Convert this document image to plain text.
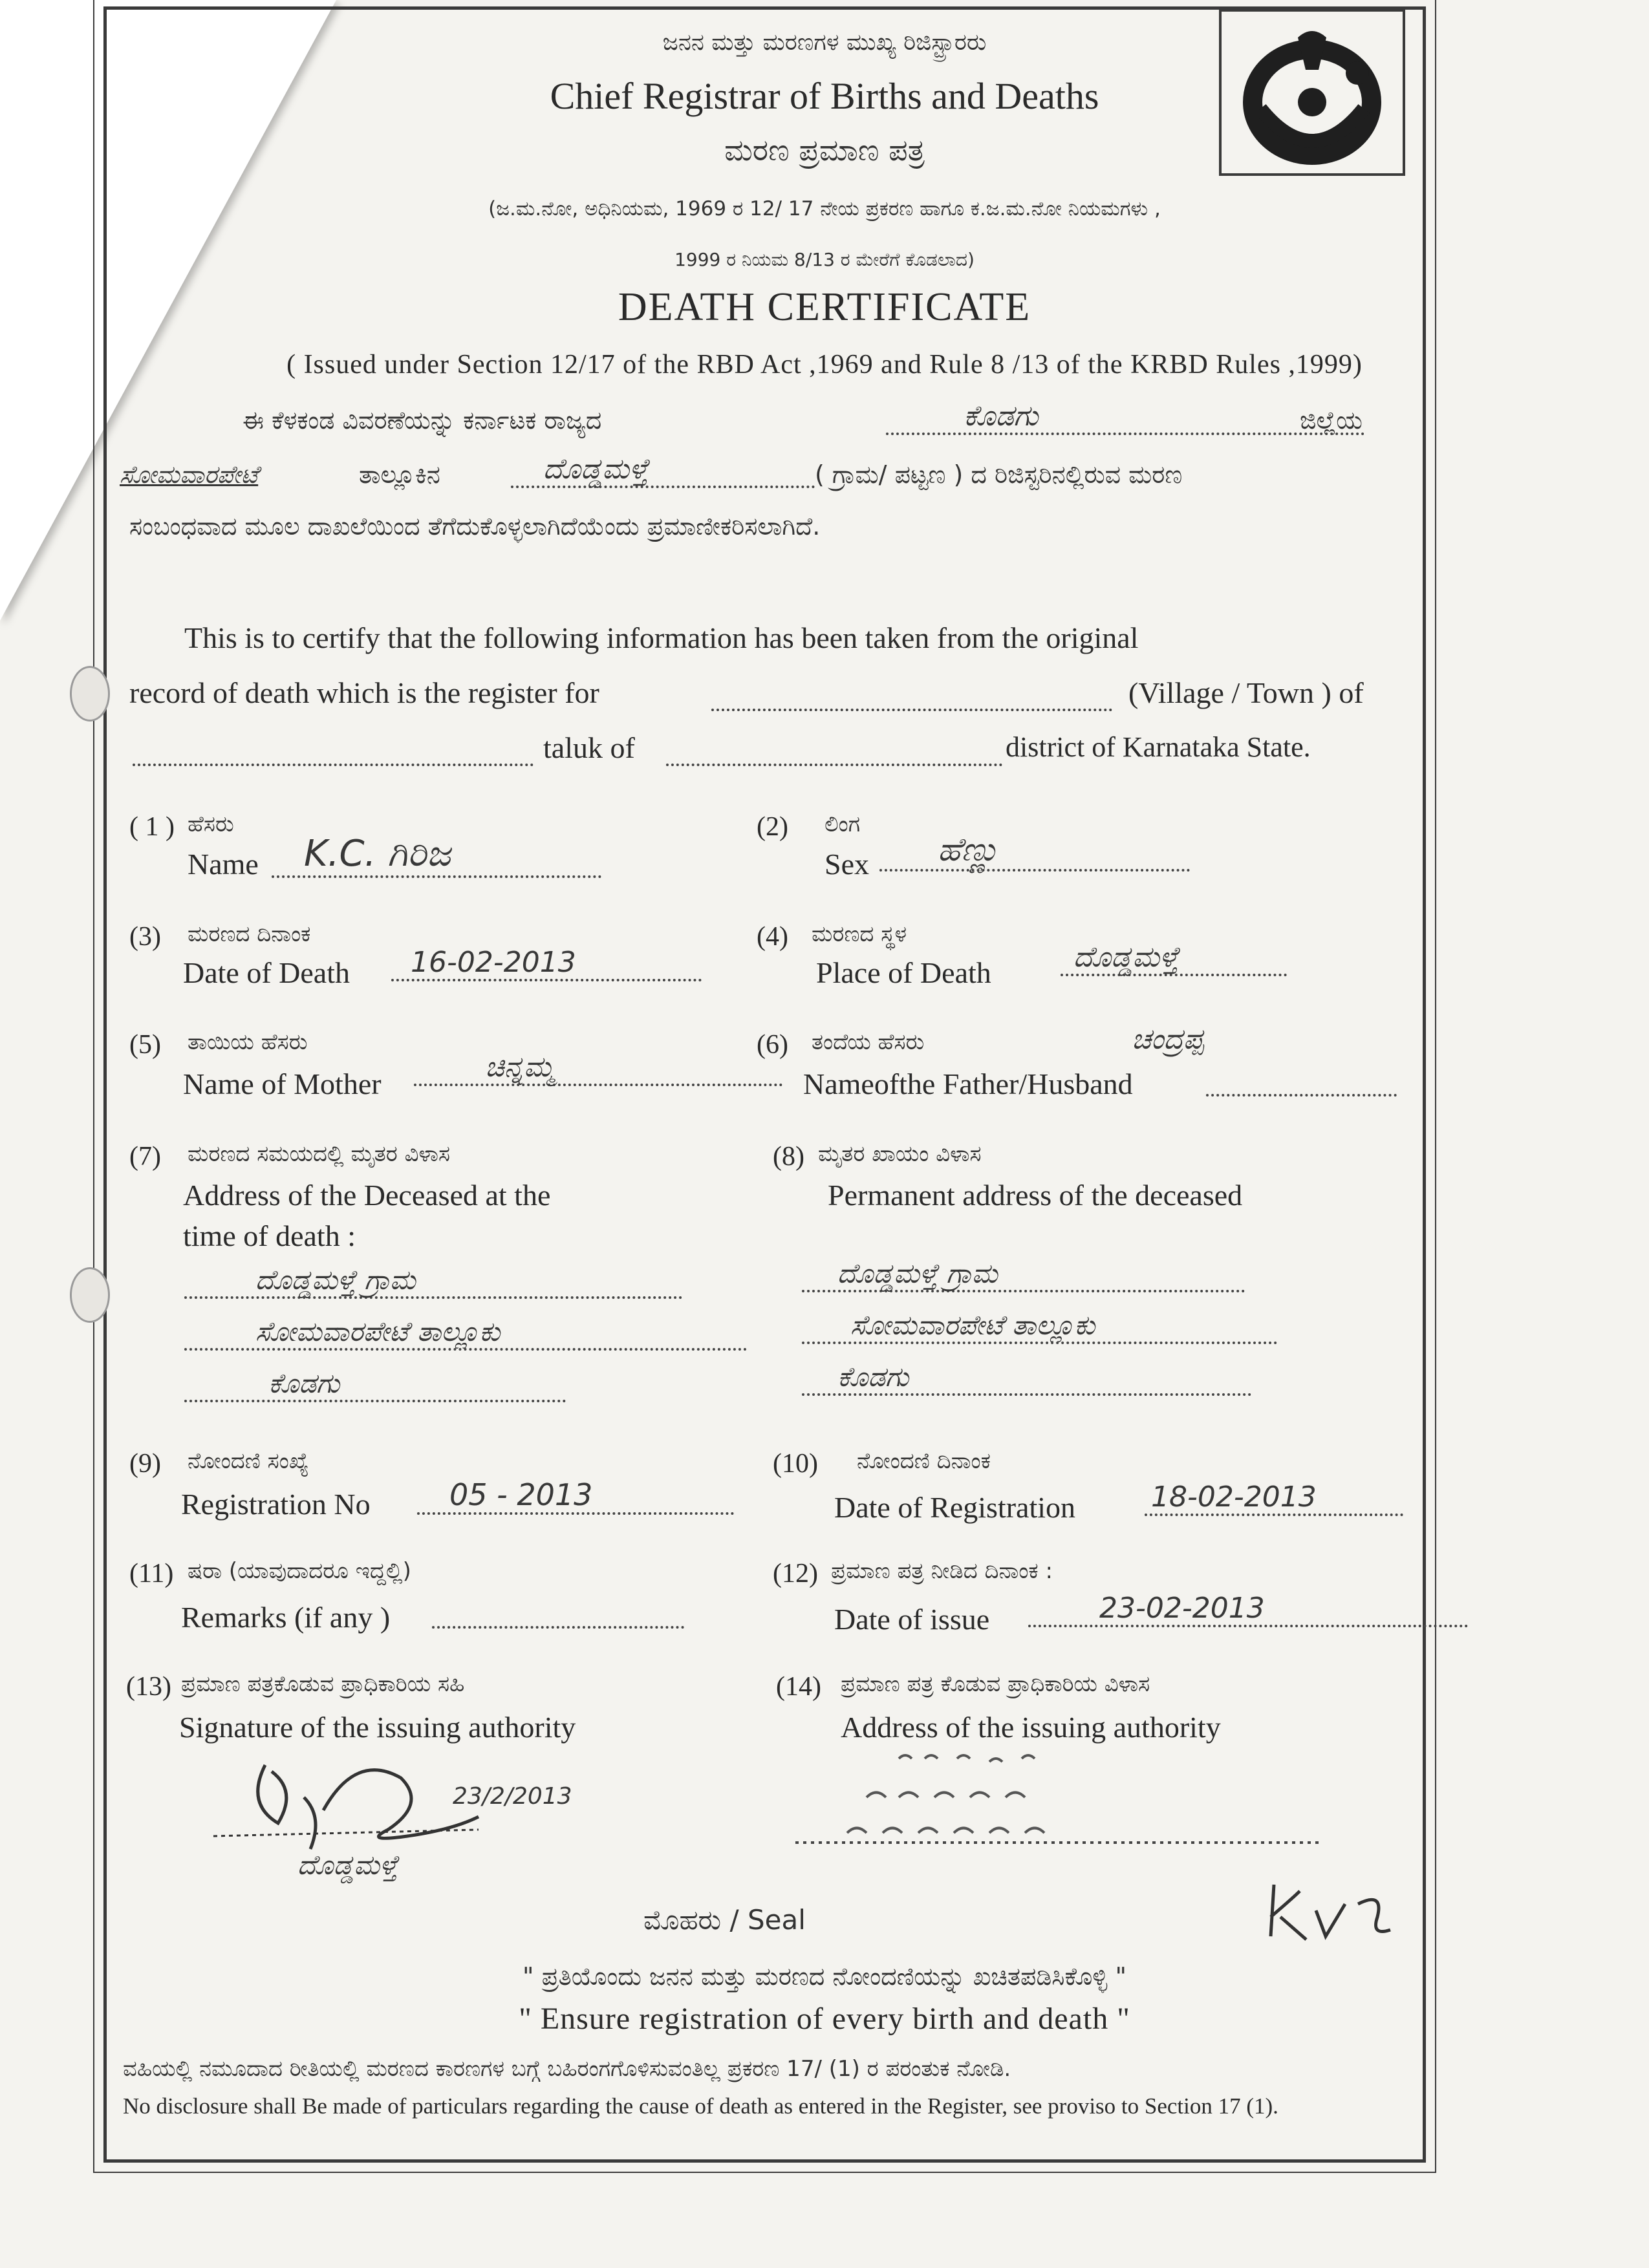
ಜನನ ಮತ್ತು ಮರಣಗಳ ಮುಖ್ಯ ರಿಜಿಸ್ಟ್ರಾರರು
Chief Registrar of Births and Deaths
ಮರಣ ಪ್ರಮಾಣ ಪತ್ರ
(ಜ.ಮ.ನೋ, ಅಧಿನಿಯಮ, 1969 ರ 12/ 17 ನೇಯ ಪ್ರಕರಣ ಹಾಗೂ ಕ.ಜ.ಮ.ನೋ ನಿಯಮಗಳು ,
1999 ರ ನಿಯಮ 8/13 ರ ಮೇರೆಗೆ ಕೊಡಲಾದ)
DEATH CERTIFICATE
( Issued under Section 12/17 of the RBD Act ,1969 and Rule 8 /13 of the KRBD Rules ,1999)
ಈ ಕೆಳಕಂಡ ವಿವರಣೆಯನ್ನು ಕರ್ನಾಟಕ ರಾಜ್ಯದ	ಕೊಡಗು	ಜಿಲ್ಲೆಯ
ಸೋಮವಾರಪೇಟೆ	ತಾಲ್ಲೂಕಿನ	ದೊಡ್ಡಮಳ್ತೆ	( ಗ್ರಾಮ/ ಪಟ್ಟಣ ) ದ ರಿಜಿಸ್ಟರಿನಲ್ಲಿರುವ ಮರಣ
ಸಂಬಂಧವಾದ ಮೂಲ ದಾಖಲೆಯಿಂದ ತೆಗೆದುಕೊಳ್ಳಲಾಗಿದೆಯೆಂದು ಪ್ರಮಾಣೀಕರಿಸಲಾಗಿದೆ.
This is to certify that the following information has been taken from the original
record of death which is the register for	(Village / Town ) of
taluk of	district of Karnataka State.
( 1 ) ಹೆಸರು
Name	K.C. ಗಿರಿಜ
(2) ಲಿಂಗ
Sex	ಹೆಣ್ಣು
(3) ಮರಣದ ದಿನಾಂಕ
Date of Death	16-02-2013
(4) ಮರಣದ ಸ್ಥಳ
Place of Death	ದೊಡ್ಡಮಳ್ತೆ
(5) ತಾಯಿಯ ಹೆಸರು
Name of Mother
ಚಿನ್ನಮ್ಮ
(6) ತಂದೆಯ ಹೆಸರು	ಚಂದ್ರಪ್ಪ
Nameofthe Father/Husband
(7) ಮರಣದ ಸಮಯದಲ್ಲಿ ಮೃತರ ವಿಳಾಸ
Address of the Deceased at the
time of death :
ದೊಡ್ಡಮಳ್ತೆ ಗ್ರಾಮ
ಸೋಮವಾರಪೇಟೆ ತಾಲ್ಲೂಕು
ಕೊಡಗು
(8) ಮೃತರ ಖಾಯಂ ವಿಳಾಸ
Permanent address of the deceased
ದೊಡ್ಡಮಳ್ತೆ ಗ್ರಾಮ
ಸೋಮವಾರಪೇಟೆ ತಾಲ್ಲೂಕು
ಕೊಡಗು
(9) ನೋಂದಣಿ ಸಂಖ್ಯೆ
Registration No	05 - 2013
(10) ನೋಂದಣಿ ದಿನಾಂಕ
Date of Registration	18-02-2013
(11) ಷರಾ (ಯಾವುದಾದರೂ ಇದ್ದಲ್ಲಿ)
Remarks (if any )
(12) ಪ್ರಮಾಣ ಪತ್ರ ನೀಡಿದ ದಿನಾಂಕ :
Date of issue	23-02-2013
(13) ಪ್ರಮಾಣ ಪತ್ರಕೊಡುವ ಪ್ರಾಧಿಕಾರಿಯ ಸಹಿ
Signature of the issuing authority
23/2/2013
ದೊಡ್ಡಮಳ್ತೆ
(14) ಪ್ರಮಾಣ ಪತ್ರ ಕೊಡುವ ಪ್ರಾಧಿಕಾರಿಯ ವಿಳಾಸ
Address of the issuing authority
ಮೊಹರು / Seal
" ಪ್ರತಿಯೊಂದು ಜನನ ಮತ್ತು ಮರಣದ ನೋಂದಣಿಯನ್ನು ಖಚಿತಪಡಿಸಿಕೊಳ್ಳಿ "
" Ensure registration of every birth and death "
ವಹಿಯಲ್ಲಿ ನಮೂದಾದ ರೀತಿಯಲ್ಲಿ ಮರಣದ ಕಾರಣಗಳ ಬಗ್ಗೆ ಬಹಿರಂಗಗೊಳಿಸುವಂತಿಲ್ಲ ಪ್ರಕರಣ 17/ (1) ರ ಪರಂತುಕ ನೋಡಿ.
No disclosure shall Be made of particulars regarding the cause of death as entered in the Register, see proviso to Section 17 (1).
